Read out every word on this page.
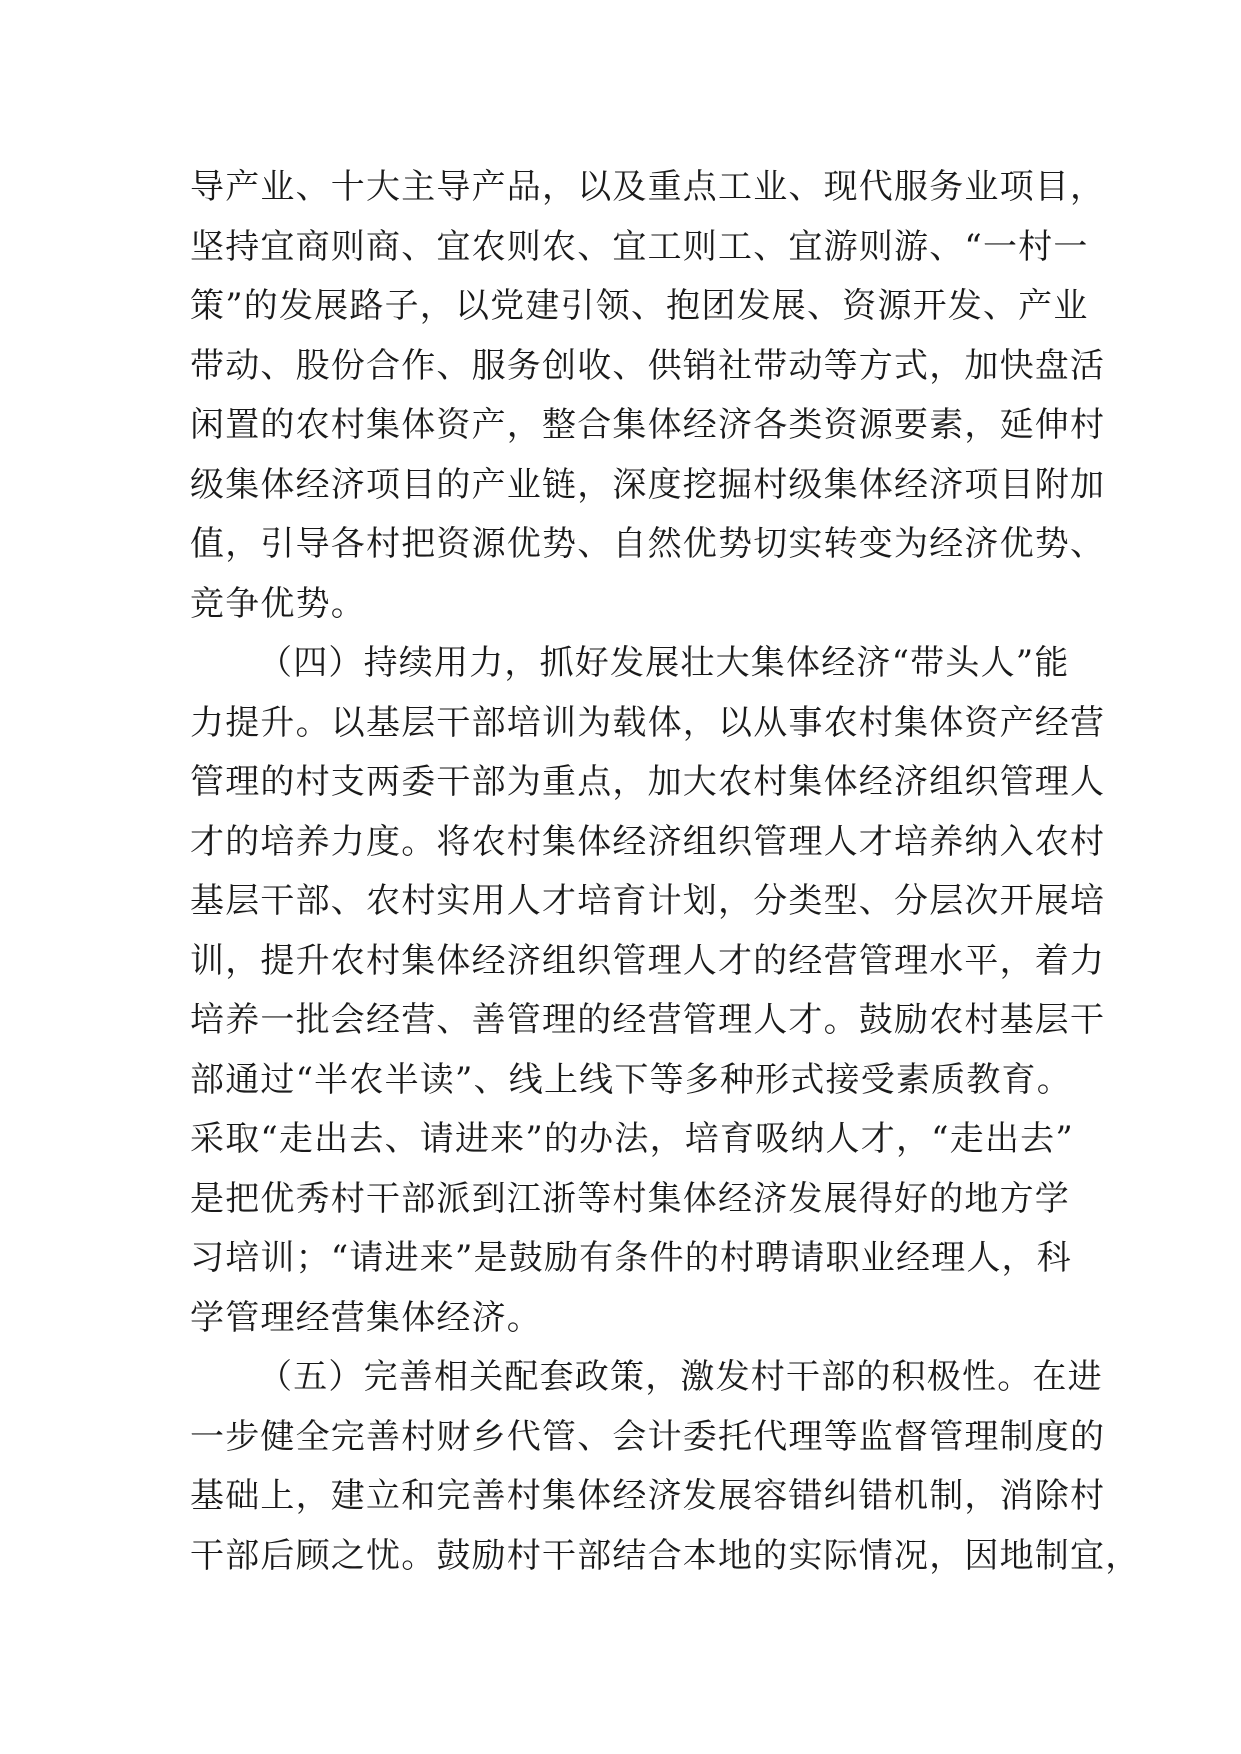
导产业、十大主导产品，以及重点工业、现代服务业项目，
坚持宜商则商、宜农则农、宜工则工、宜游则游、“一村一
策”的发展路子，以党建引领、抱团发展、资源开发、产业
带动、股份合作、服务创收、供销社带动等方式，加快盘活
闲置的农村集体资产，整合集体经济各类资源要素，延伸村
级集体经济项目的产业链，深度挖掘村级集体经济项目附加
值，引导各村把资源优势、自然优势切实转变为经济优势、
竞争优势。
（四）持续用力，抓好发展壮大集体经济“带头人”能
力提升。以基层干部培训为载体，以从事农村集体资产经营
管理的村支两委干部为重点，加大农村集体经济组织管理人
才的培养力度。将农村集体经济组织管理人才培养纳入农村
基层干部、农村实用人才培育计划，分类型、分层次开展培
训，提升农村集体经济组织管理人才的经营管理水平，着力
培养一批会经营、善管理的经营管理人才。鼓励农村基层干
部通过“半农半读”、线上线下等多种形式接受素质教育。
采取“走出去、请进来”的办法，培育吸纳人才，“走出去”
是把优秀村干部派到江浙等村集体经济发展得好的地方学
习培训；“请进来”是鼓励有条件的村聘请职业经理人，科
学管理经营集体经济。
（五）完善相关配套政策，激发村干部的积极性。在进
一步健全完善村财乡代管、会计委托代理等监督管理制度的
基础上，建立和完善村集体经济发展容错纠错机制，消除村
干部后顾之忧。鼓励村干部结合本地的实际情况，因地制宜，
